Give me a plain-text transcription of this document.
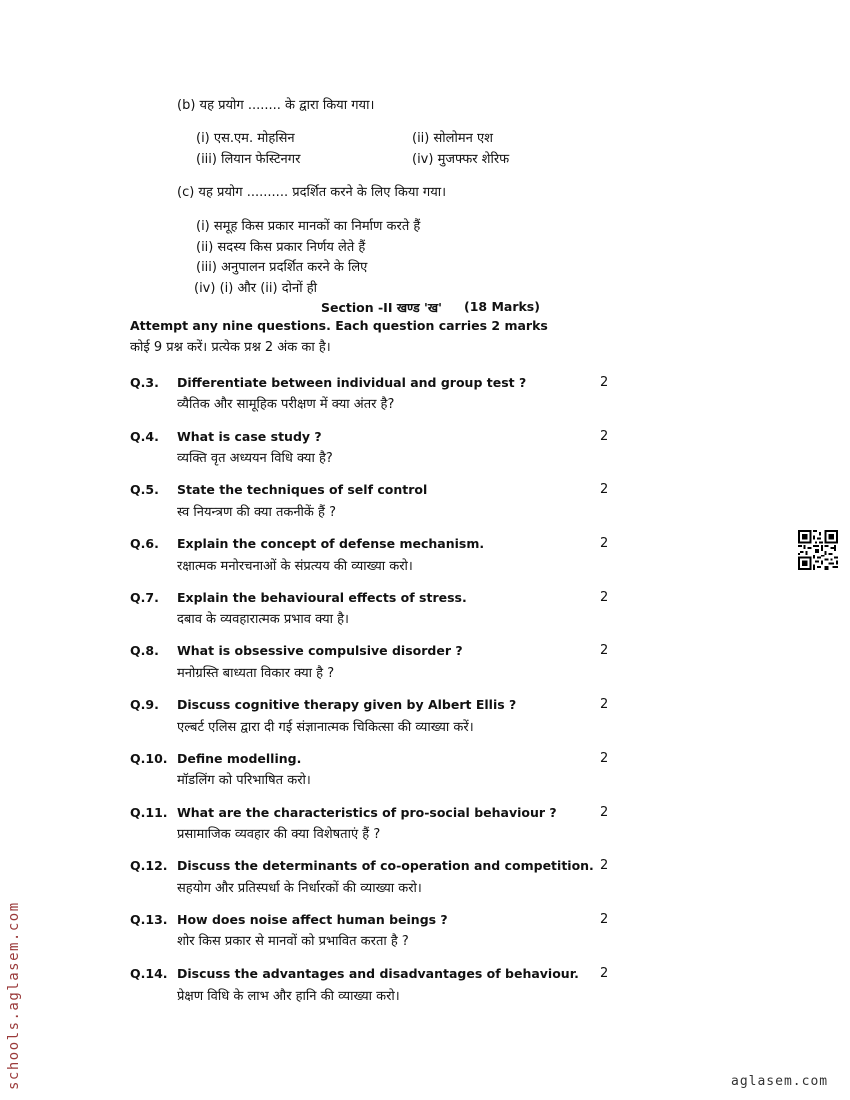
(b) यह प्रयोग ........ के द्वारा किया गया।
(i) एस.एम. मोहसिन	(ii) सोलोमन एश
(iii) लियान फेस्टिनगर	(iv) मुजफ्फर शेरिफ
(c) यह प्रयोग .......... प्रदर्शित करने के लिए किया गया।
(i) समूह किस प्रकार मानकों का निर्माण करते हैं
(ii) सदस्य किस प्रकार निर्णय लेते हैं
(iii) अनुपालन प्रदर्शित करने के लिए
(iv) (i) और (ii) दोनों ही
Section -II खण्ड 'ख' (18 Marks)
Attempt any nine questions. Each question carries 2 marks
कोई 9 प्रश्न करें। प्रत्येक प्रश्न 2 अंक का है।
Q.3. Differentiate between individual and group test ?	2
व्यैतिक और सामूहिक परीक्षण में क्या अंतर है?
Q.4. What is case study ?	2
व्यक्ति वृत अध्ययन विधि क्या है?
Q.5. State the techniques of self control	2
स्व नियन्त्रण की क्या तकनीकें हैं ?
Q.6. Explain the concept of defense mechanism.	2
रक्षात्मक मनोरचनाओं के संप्रत्यय की व्याख्या करो।
Q.7. Explain the behavioural effects of stress.	2
दबाव के व्यवहारात्मक प्रभाव क्या है।
Q.8. What is obsessive compulsive disorder ?	2
मनोग्रस्ति बाध्यता विकार क्या है ?
Q.9. Discuss cognitive therapy given by Albert Ellis ?	2
एल्बर्ट एलिस द्वारा दी गई संज्ञानात्मक चिकित्सा की व्याख्या करें।
Q.10. Define modelling.	2
मॉडलिंग को परिभाषित करो।
Q.11. What are the characteristics of pro-social behaviour ?	2
प्रसामाजिक व्यवहार की क्या विशेषताएं हैं ?
Q.12. Discuss the determinants of co-operation and competition. 2
सहयोग और प्रतिस्पर्धा के निर्धारकों की व्याख्या करो।
Q.13. How does noise affect human beings ?	2
शोर किस प्रकार से मानवों को प्रभावित करता है ?
Q.14. Discuss the advantages and disadvantages of behaviour. 2
प्रेक्षण विधि के लाभ और हानि की व्याख्या करो।
schools.aglasem.com	aglasem.com
